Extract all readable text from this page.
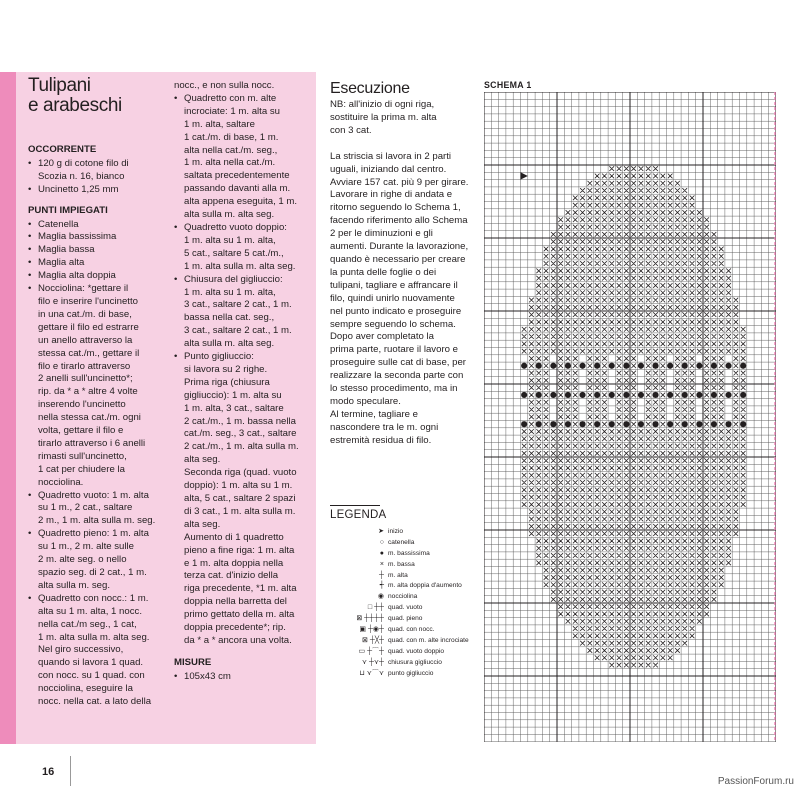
Tulipani
e arabeschi
OCCORRENTE
• 120 g di cotone filo di
Scozia n. 16, bianco
• Uncinetto 1,25 mm
PUNTI IMPIEGATI
• Catenella
• Maglia bassissima
• Maglia bassa
• Maglia alta
• Maglia alta doppia
• Nocciolina: *gettare il
filo e inserire l'uncinetto
in una cat./m. di base,
gettare il filo ed estrarre
un anello attraverso la
stessa cat./m., gettare il
filo e tirarlo attraverso
2 anelli sull'uncinetto*;
rip. da * a * altre 4 volte
inserendo l'uncinetto
nella stessa cat./m. ogni
volta, gettare il filo e
tirarlo attraverso i 6 anelli
rimasti sull'uncinetto,
1 cat per chiudere la
nocciolina.
• Quadretto vuoto: 1 m. alta
su 1 m., 2 cat., saltare
2 m., 1 m. alta sulla m. seg.
• Quadretto pieno: 1 m. alta
su 1 m., 2 m. alte sulle
2 m. alte seg. o nello
spazio seg. di 2 cat., 1 m.
alta sulla m. seg.
• Quadretto con nocc.: 1 m.
alta su 1 m. alta, 1 nocc.
nella cat./m seg., 1 cat,
1 m. alta sulla m. alta seg.
Nel giro successivo,
quando si lavora 1 quad.
con nocc. su 1 quad. con
nocciolina, eseguire la
nocc. nella cat. a lato della
nocc., e non sulla nocc.
• Quadretto con m. alte
incrociate: 1 m. alta su
1 m. alta, saltare
1 cat./m. di base, 1 m.
alta nella cat./m. seg.,
1 m. alta nella cat./m.
saltata precedentemente
passando davanti alla m.
alta appena eseguita, 1 m.
alta sulla m. alta seg.
• Quadretto vuoto doppio:
1 m. alta su 1 m. alta,
5 cat., saltare 5 cat./m.,
1 m. alta sulla m. alta seg.
• Chiusura del gigliuccio:
1 m. alta su 1 m. alta,
3 cat., saltare 2 cat., 1 m.
bassa nella cat. seg.,
3 cat., saltare 2 cat., 1 m.
alta sulla m. alta seg.
• Punto gigliuccio:
si lavora su 2 righe.
Prima riga (chiusura
gigliuccio): 1 m. alta su
1 m. alta, 3 cat., saltare
2 cat./m., 1 m. bassa nella
cat./m. seg., 3 cat., saltare
2 cat./m., 1 m. alta sulla m.
alta seg.
Seconda riga (quad. vuoto
doppio): 1 m. alta su 1 m.
alta, 5 cat., saltare 2 spazi
di 3 cat., 1 m. alta sulla m.
alta seg.
Aumento di 1 quadretto
pieno a fine riga: 1 m. alta
e 1 m. alta doppia nella
terza cat. d'inizio della
riga precedente, *1 m. alta
doppia nella barretta del
primo gettato della m. alta
doppia precedente*; rip.
da * a * ancora una volta.
MISURE
• 105x43 cm
Esecuzione
NB: all'inizio di ogni riga,
sostituire la prima m. alta
con 3 cat.
La striscia si lavora in 2 parti
uguali, iniziando dal centro.
Avviare 157 cat. più 9 per girare.
Lavorare in righe di andata e
ritorno seguendo lo Schema 1,
facendo riferimento allo Schema
2 per le diminuzioni e gli
aumenti. Durante la lavorazione,
quando è necessario per creare
la punta delle foglie o dei
tulipani, tagliare e affrancare il
filo, quindi unirlo nuovamente
nel punto indicato e proseguire
sempre seguendo lo schema.
Dopo aver completato la
prima parte, ruotare il lavoro e
proseguire sulle cat di base, per
realizzare la seconda parte con
lo stesso procedimento, ma in
modo speculare.
Al termine, tagliare e
nascondere tra le m. ogni
estremità residua di filo.
LEGENDA
➤ inizio
○ catenella
● m. bassissima
× m. bassa
┼ m. alta
┽ m. alta doppia d'aumento
◉ nocciolina
□ ┼┼ quad. vuoto
⊠ ┼┼┼┼ quad. pieno
▣ ┼◉┼ quad. con nocc.
⊠ ┼╳┼ quad. con m. alte incrociate
▭ ┼⌒┼ quad. vuoto doppio
⋎ ┼⋎┼ chiusura gigliuccio
⊔ ⋎⌒⋎ punto gigliuccio
SCHEMA 1
16
PassionForum.ru
